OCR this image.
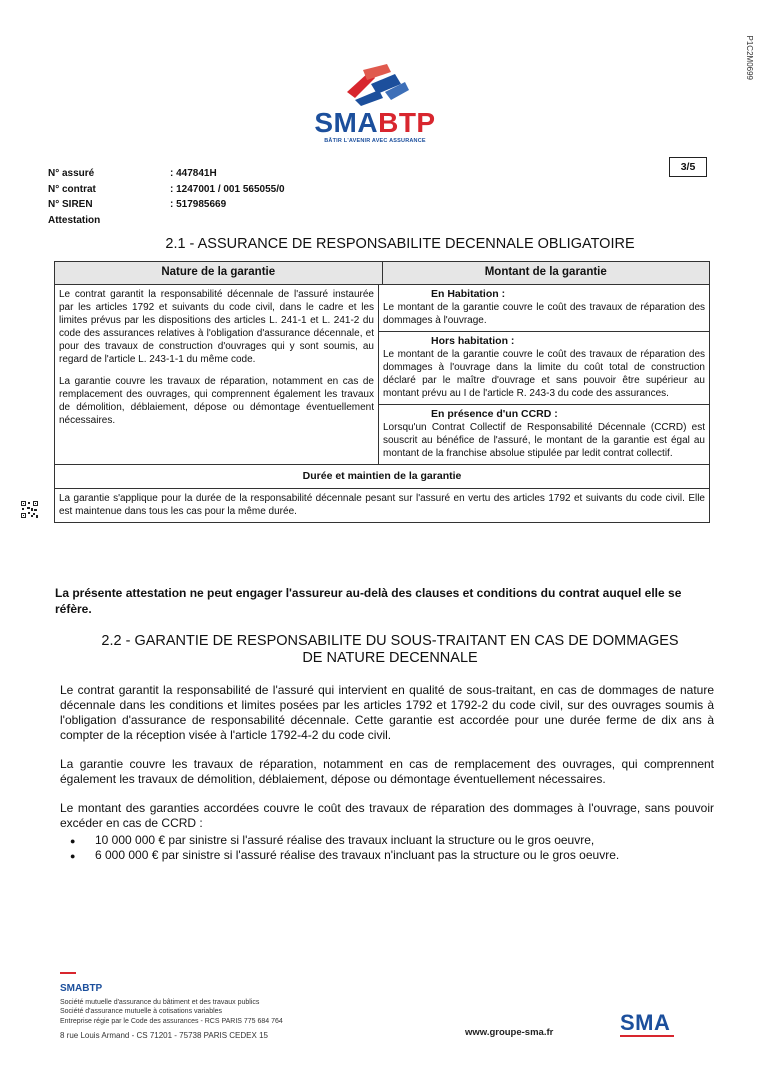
SMABTP
BÂTIR L'AVENIR AVEC ASSURANCE
P1C2M0699
N° assuré	: 447841H
N° contrat	: 1247001 / 001 565055/0
N° SIREN	: 517985669
Attestation
3/5
2.1 - ASSURANCE DE RESPONSABILITE DECENNALE OBLIGATOIRE
Nature de la garantie	Montant de la garantie

Le contrat garantit la responsabilité décennale de l'assuré instaurée par les articles 1792 et suivants du code civil, dans le cadre et les limites prévus par les dispositions des articles L. 241-1 et L. 241-2 du code des assurances relatives à l'obligation d'assurance décennale, et pour des travaux de construction d'ouvrages qui y sont soumis, au regard de l'article L. 243-1-1 du même code.

La garantie couvre les travaux de réparation, notamment en cas de remplacement des ouvrages, qui comprennent également les travaux de démolition, déblaiement, dépose ou démontage éventuellement nécessaires.

En Habitation :
Le montant de la garantie couvre le coût des travaux de réparation des dommages à l'ouvrage.
Hors habitation :
Le montant de la garantie couvre le coût des travaux de réparation des dommages à l'ouvrage dans la limite du coût total de construction déclaré par le maître d'ouvrage et sans pouvoir être supérieur au montant prévu au I de l'article R. 243-3 du code des assurances.
En présence d'un CCRD :
Lorsqu'un Contrat Collectif de Responsabilité Décennale (CCRD) est souscrit au bénéfice de l'assuré, le montant de la garantie est égal au montant de la franchise absolue stipulée par ledit contrat collectif.
Durée et maintien de la garantie
La garantie s'applique pour la durée de la responsabilité décennale pesant sur l'assuré en vertu des articles 1792 et suivants du code civil. Elle est maintenue dans tous les cas pour la même durée.
La présente attestation ne peut engager l'assureur au-delà des clauses et conditions du contrat auquel elle se réfère.
2.2 - GARANTIE DE RESPONSABILITE DU SOUS-TRAITANT EN CAS DE DOMMAGES
DE NATURE DECENNALE

Le contrat garantit la responsabilité de l'assuré qui intervient en qualité de sous-traitant, en cas de dommages de nature décennale dans les conditions et limites posées par les articles 1792 et 1792-2 du code civil, sur des ouvrages soumis à l'obligation d'assurance de responsabilité décennale. Cette garantie est accordée pour une durée ferme de dix ans à compter de la réception visée à l'article 1792-4-2 du code civil.

La garantie couvre les travaux de réparation, notamment en cas de remplacement des ouvrages, qui comprennent également les travaux de démolition, déblaiement, dépose ou démontage éventuellement nécessaires.

Le montant des garanties accordées couvre le coût des travaux de réparation des dommages à l'ouvrage, sans pouvoir excéder en cas de CCRD :

● 10 000 000 € par sinistre si l'assuré réalise des travaux incluant la structure ou le gros oeuvre,
● 6 000 000 € par sinistre si l'assuré réalise des travaux n'incluant pas la structure ou le gros oeuvre.
SMABTP
Société mutuelle d'assurance du bâtiment et des travaux publics
Société d'assurance mutuelle à cotisations variables
Entreprise régie par le Code des assurances - RCS PARIS 775 684 764
8 rue Louis Armand - CS 71201 - 75738 PARIS CEDEX 15	www.groupe-sma.fr	SMA
